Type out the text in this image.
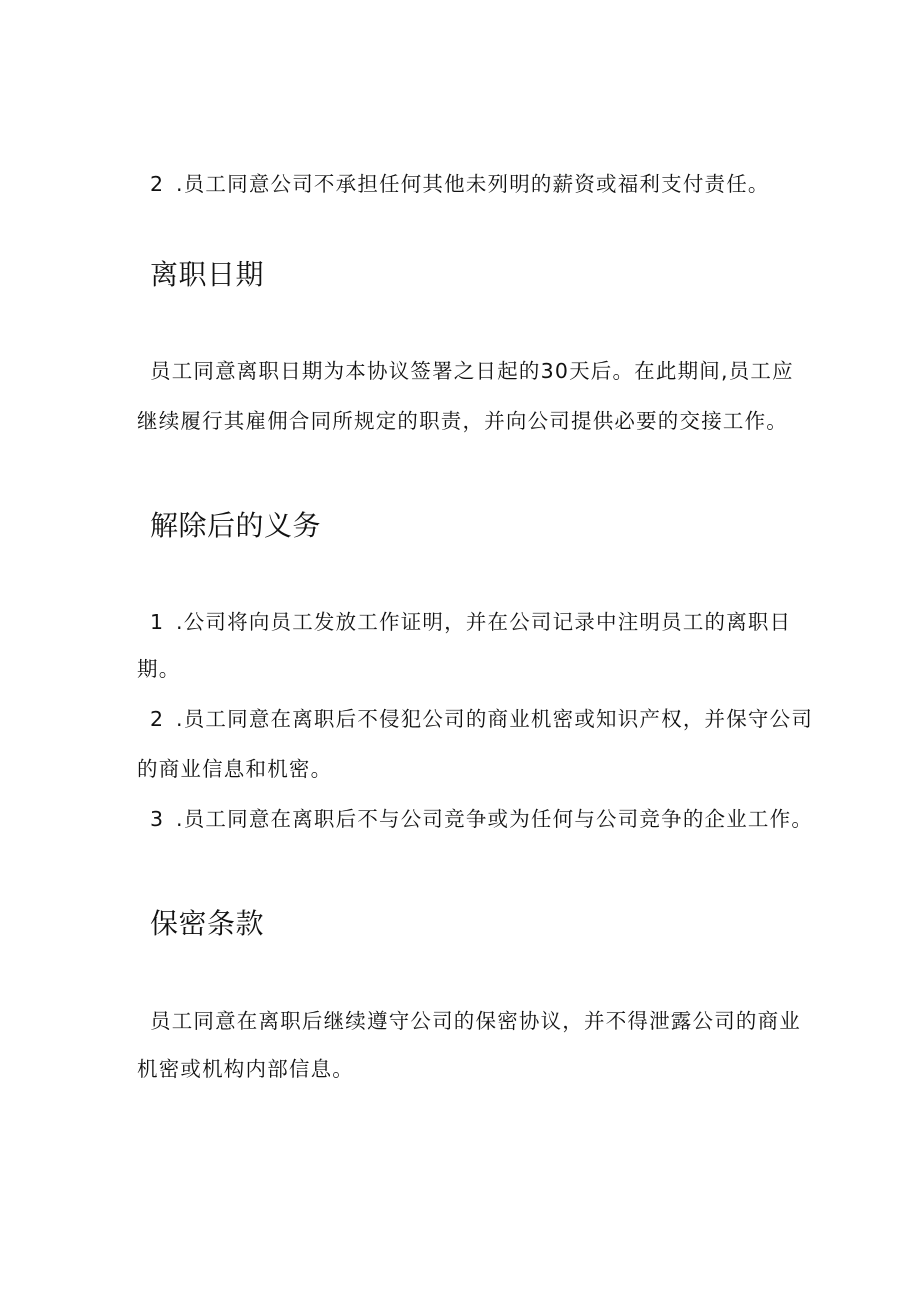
2 .员工同意公司不承担任何其他未列明的薪资或福利支付责任。
离职日期
员工同意离职日期为本协议签署之日起的30天后。在此期间,员工应
继续履行其雇佣合同所规定的职责，并向公司提供必要的交接工作。
解除后的义务
1 .公司将向员工发放工作证明，并在公司记录中注明员工的离职日
期。
2 .员工同意在离职后不侵犯公司的商业机密或知识产权，并保守公司
的商业信息和机密。
3 .员工同意在离职后不与公司竞争或为任何与公司竞争的企业工作。
保密条款
员工同意在离职后继续遵守公司的保密协议，并不得泄露公司的商业
机密或机构内部信息。
